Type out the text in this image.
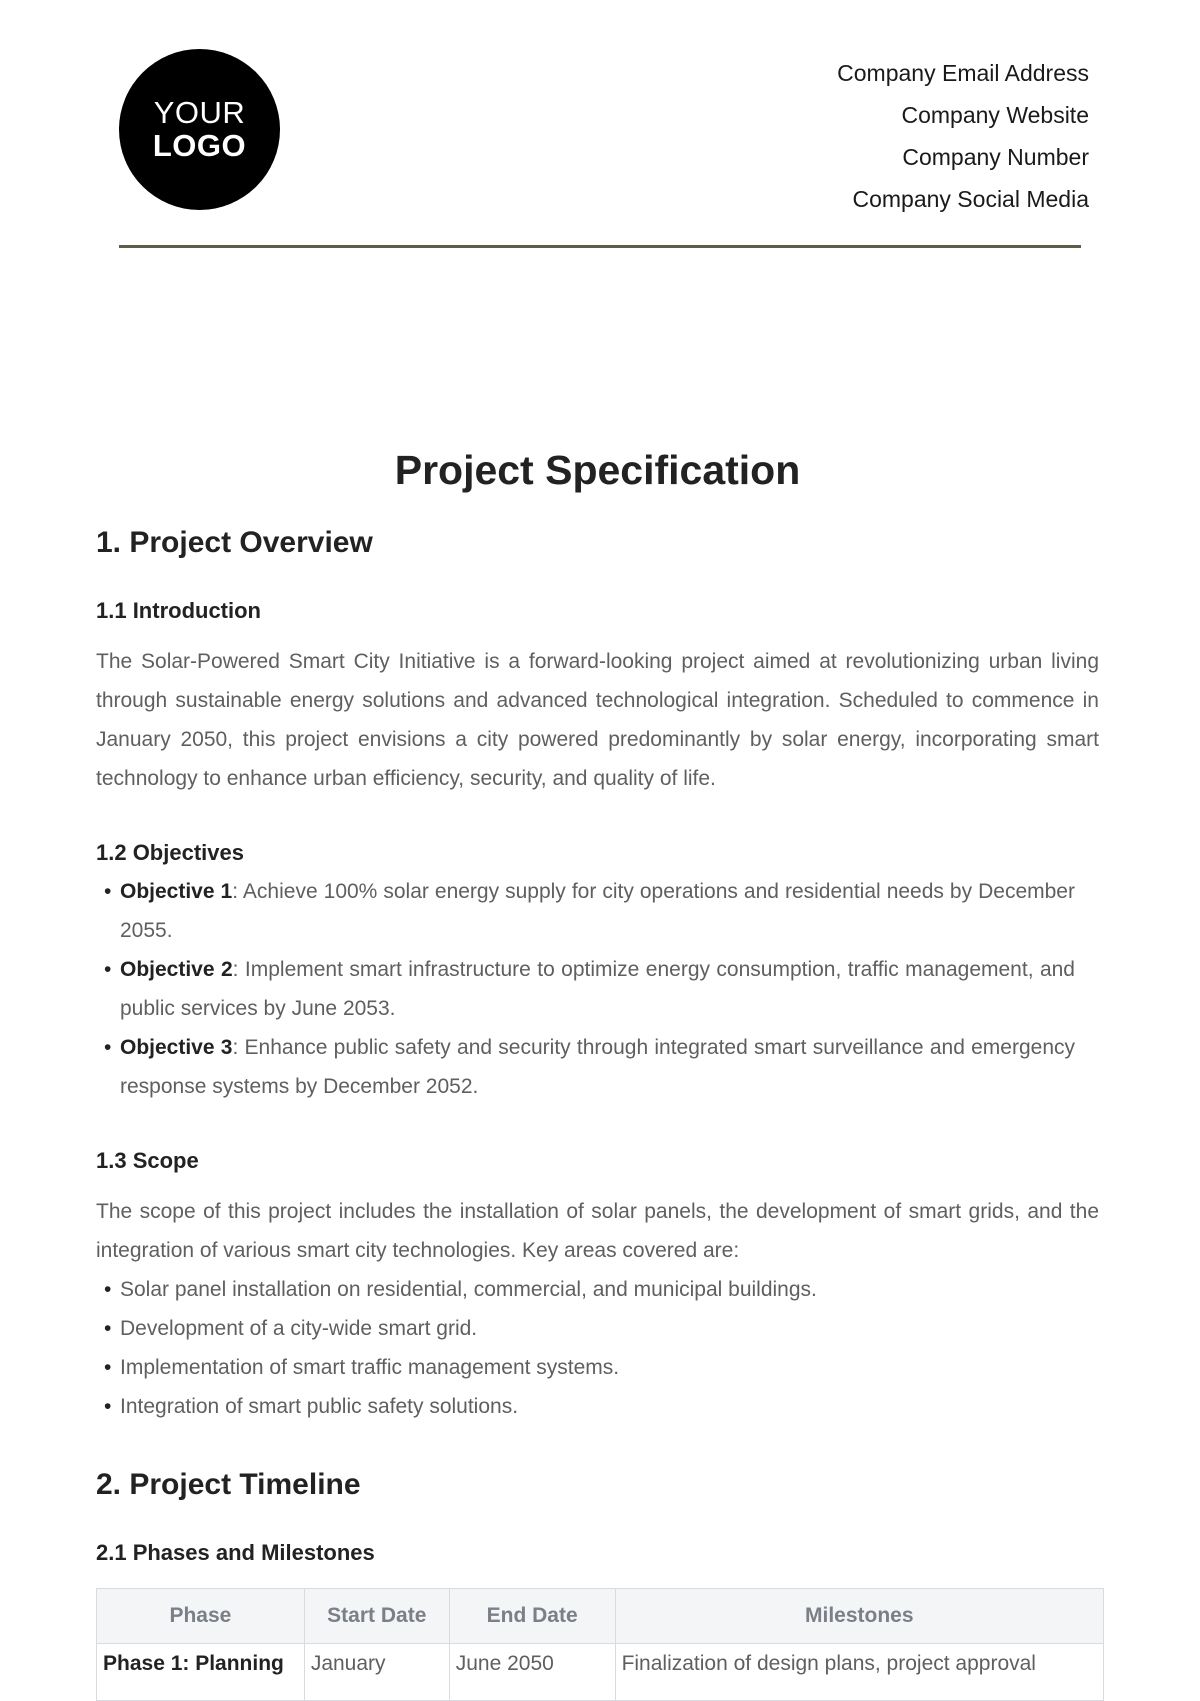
YOUR
LOGO
Company Email Address
Company Website
Company Number
Company Social Media
Project Specification
1. Project Overview
1.1 Introduction

The Solar-Powered Smart City Initiative is a forward-looking project aimed at revolutionizing urban living through sustainable energy solutions and advanced technological integration. Scheduled to commence in January 2050, this project envisions a city powered predominantly by solar energy, incorporating smart technology to enhance urban efficiency, security, and quality of life.

1.2 Objectives
• Objective 1: Achieve 100% solar energy supply for city operations and residential needs by December 2055.
• Objective 2: Implement smart infrastructure to optimize energy consumption, traffic management, and public services by June 2053.
• Objective 3: Enhance public safety and security through integrated smart surveillance and emergency response systems by December 2052.
1.3 Scope

The scope of this project includes the installation of solar panels, the development of smart grids, and the integration of various smart city technologies. Key areas covered are:

• Solar panel installation on residential, commercial, and municipal buildings.
• Development of a city-wide smart grid.
• Implementation of smart traffic management systems.
• Integration of smart public safety solutions.
2. Project Timeline
2.1 Phases and Milestones
Phase	Start Date	End Date	Milestones
Phase 1: Planning	January	June 2050	Finalization of design plans, project approval
